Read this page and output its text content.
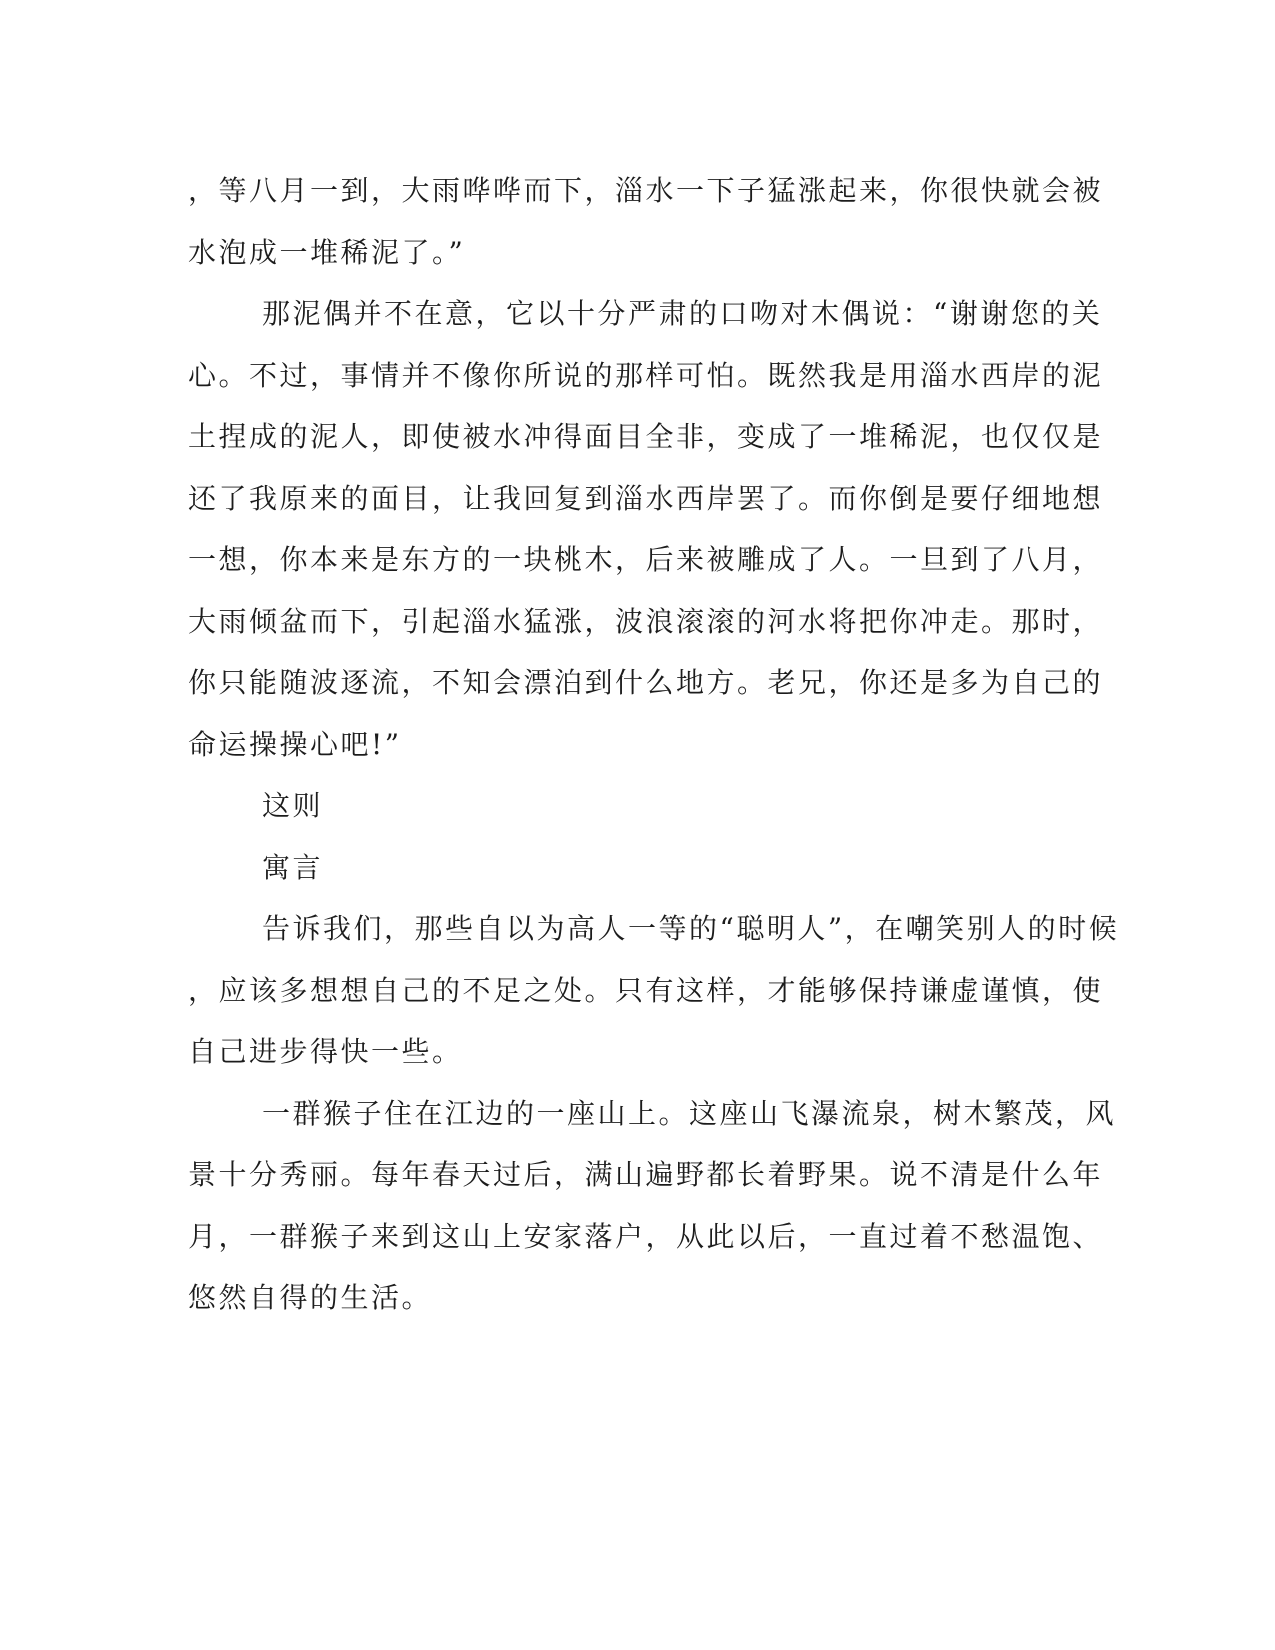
，等八月一到，大雨哗哗而下，淄水一下子猛涨起来，你很快就会被
水泡成一堆稀泥了。”
那泥偶并不在意，它以十分严肃的口吻对木偶说：“谢谢您的关
心。不过，事情并不像你所说的那样可怕。既然我是用淄水西岸的泥
土捏成的泥人，即使被水冲得面目全非，变成了一堆稀泥，也仅仅是
还了我原来的面目，让我回复到淄水西岸罢了。而你倒是要仔细地想
一想，你本来是东方的一块桃木，后来被雕成了人。一旦到了八月，
大雨倾盆而下，引起淄水猛涨，波浪滚滚的河水将把你冲走。那时，
你只能随波逐流，不知会漂泊到什么地方。老兄，你还是多为自己的
命运操操心吧!”
这则
寓言
告诉我们，那些自以为高人一等的“聪明人”，在嘲笑别人的时候
，应该多想想自己的不足之处。只有这样，才能够保持谦虚谨慎，使
自己进步得快一些。
一群猴子住在江边的一座山上。这座山飞瀑流泉，树木繁茂，风
景十分秀丽。每年春天过后，满山遍野都长着野果。说不清是什么年
月，一群猴子来到这山上安家落户，从此以后，一直过着不愁温饱、
悠然自得的生活。
